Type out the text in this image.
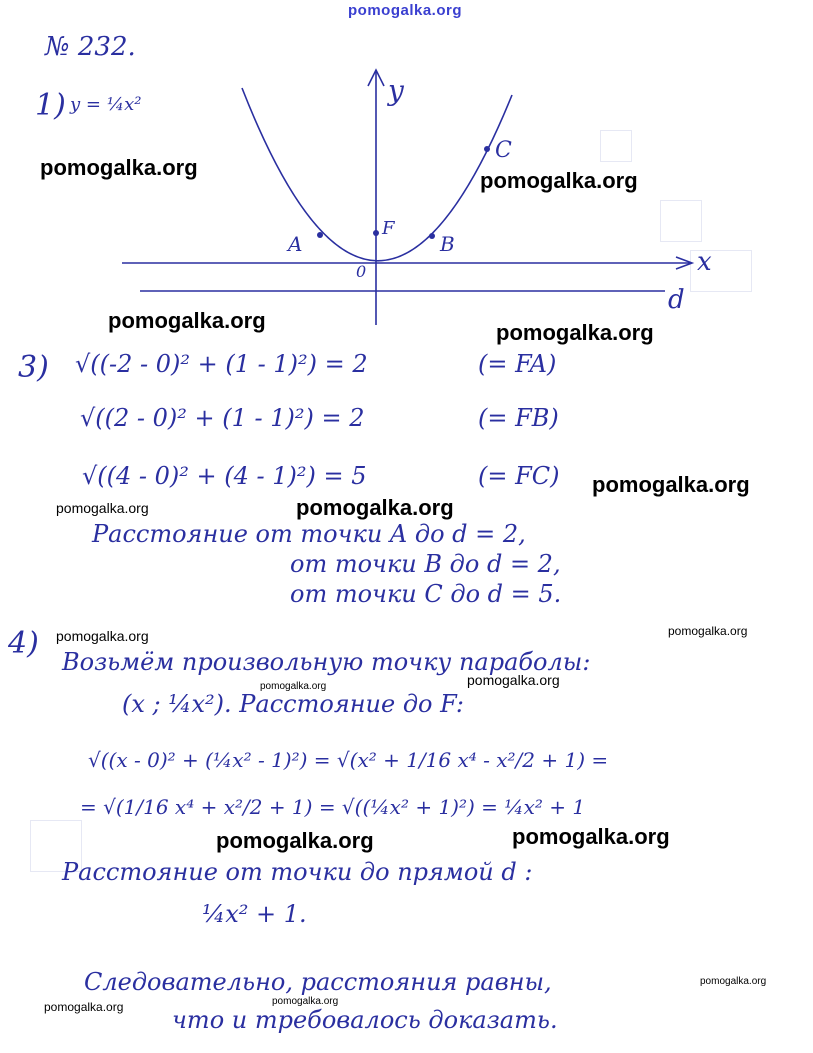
pomogalka.org
№ 232.
1) y = ¼x²	y
x
d
0
F
A	B
C
3) √((-2 - 0)² + (1 - 1)²) = 2	(= FA)
√((2 - 0)² + (1 - 1)²) = 2	(= FB)
√((4 - 0)² + (4 - 1)²) = 5	(= FC)
Расстояние от точки A до d = 2,
от точки B до d = 2,
от точки C до d = 5.
4)
Возьмём произвольную точку параболы:
(x ; ¼x²). Расстояние до F:
√((x - 0)² + (¼x² - 1)²) = √(x² + 1/16 x⁴ - x²/2 + 1) =
= √(1/16 x⁴ + x²/2 + 1) = √((¼x² + 1)²) = ¼x² + 1
Расстояние от точки до прямой d :
¼x² + 1.
Следовательно, расстояния равны,
что и требовалось доказать.
pomogalka.org
pomogalka.org
pomogalka.org	pomogalka.org
pomogalka.org
pomogalka.org	pomogalka.org
pomogalka.org	pomogalka.org
pomogalka.org	pomogalka.org
pomogalka.org	pomogalka.org
pomogalka.org
pomogalka.org	pomogalka.org
